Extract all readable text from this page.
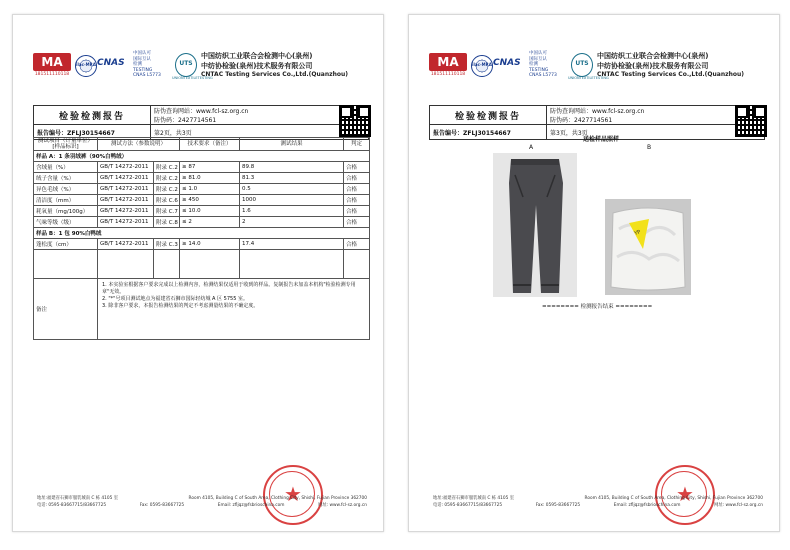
MA
181511110118
ilac-MRA CNAS
中国认可
国际互认
检测
TESTING
CNAS L5773
UTS
UNIONTEXTILETESTING
中国纺织工业联合会检测中心(泉州)
中纺协检验(泉州)技术服务有限公司
CNTAC Testing Services Co.,Ltd.(Quanzhou)
检验检测报告	防伪查询网站：www.fcl-sz.org.cn
防伪码：2427714561

报告编号：ZFLJ30154667	第2页，共3页
测试项目（计量单位）[样品标识]	测试方法（参数说明）		技术要求（备注）	测试结果	判定
样品 A：1 条羽绒裤（90%白鸭绒）					
含绒量（%）	GB/T 14272-2011	附录 C.2	≥ 87	89.8	合格
绒子含量（%）	GB/T 14272-2011	附录 C.2	≥ 81.0	81.3	合格
异色毛绒（%）	GB/T 14272-2011	附录 C.2	≤ 1.0	0.5	合格
清洁度（mm）	GB/T 14272-2011	附录 C.6	≥ 450	1000	合格
耗氧量（mg/100g）	GB/T 14272-2011	附录 C.7	≤ 10.0	1.6	合格
气味等级（级）	GB/T 14272-2011	附录 C.8	≤ 2	2	合格
样品 B：1 包 90%白鸭绒					
蓬松度（cm）	GB/T 14272-2011	附录 C.3	≥ 14.0	17.4	合格

备注	1. 本实验室根据客户要求完成以上检测内容，检测结果仅适用于收到的样品。复制报告未加盖本机构"检验检测专用章"无效。
2. "*"号项目测试地点为福建省石狮市国际轻纺城 A 区 5755 室。
3. 除非客户要求，本报告检测结果的判定不考虑测量结果的不确定度。				
★
地址:福建省石狮市服装城南 C 栋 4105 室	Room 4105, Building C of South Area, Clothing City, Shishi, Fujian Province 362700
电话: 0595-83667715/83667725	Fax: 0595-83667725	Email: zfljqz@fsbrioschina.com	网址: www.fcl-sz.org.cn
MA
181511110118
ilac-MRA CNAS
中国认可
国际互认
检测
TESTING
CNAS L5773
UTS
UNIONTEXTILETESTING
中国纺织工业联合会检测中心(泉州)
中纺协检验(泉州)技术服务有限公司
CNTAC Testing Services Co.,Ltd.(Quanzhou)
检验检测报告	防伪查询网站：www.fcl-sz.org.cn
防伪码：2427714561

报告编号：ZFLJ30154667	第3页，共3页
送检样品照样
A	B
YP
======== 检测报告结束 ========
★
地址:福建省石狮市服装城南 C 栋 4105 室	Room 4105, Building C of South Area, Clothing City, Shishi, Fujian Province 362700
电话: 0595-83667715/83667725	Fax: 0595-83667725	Email: zfljqz@fsbrioschina.com	网址: www.fcl-sz.org.cn
